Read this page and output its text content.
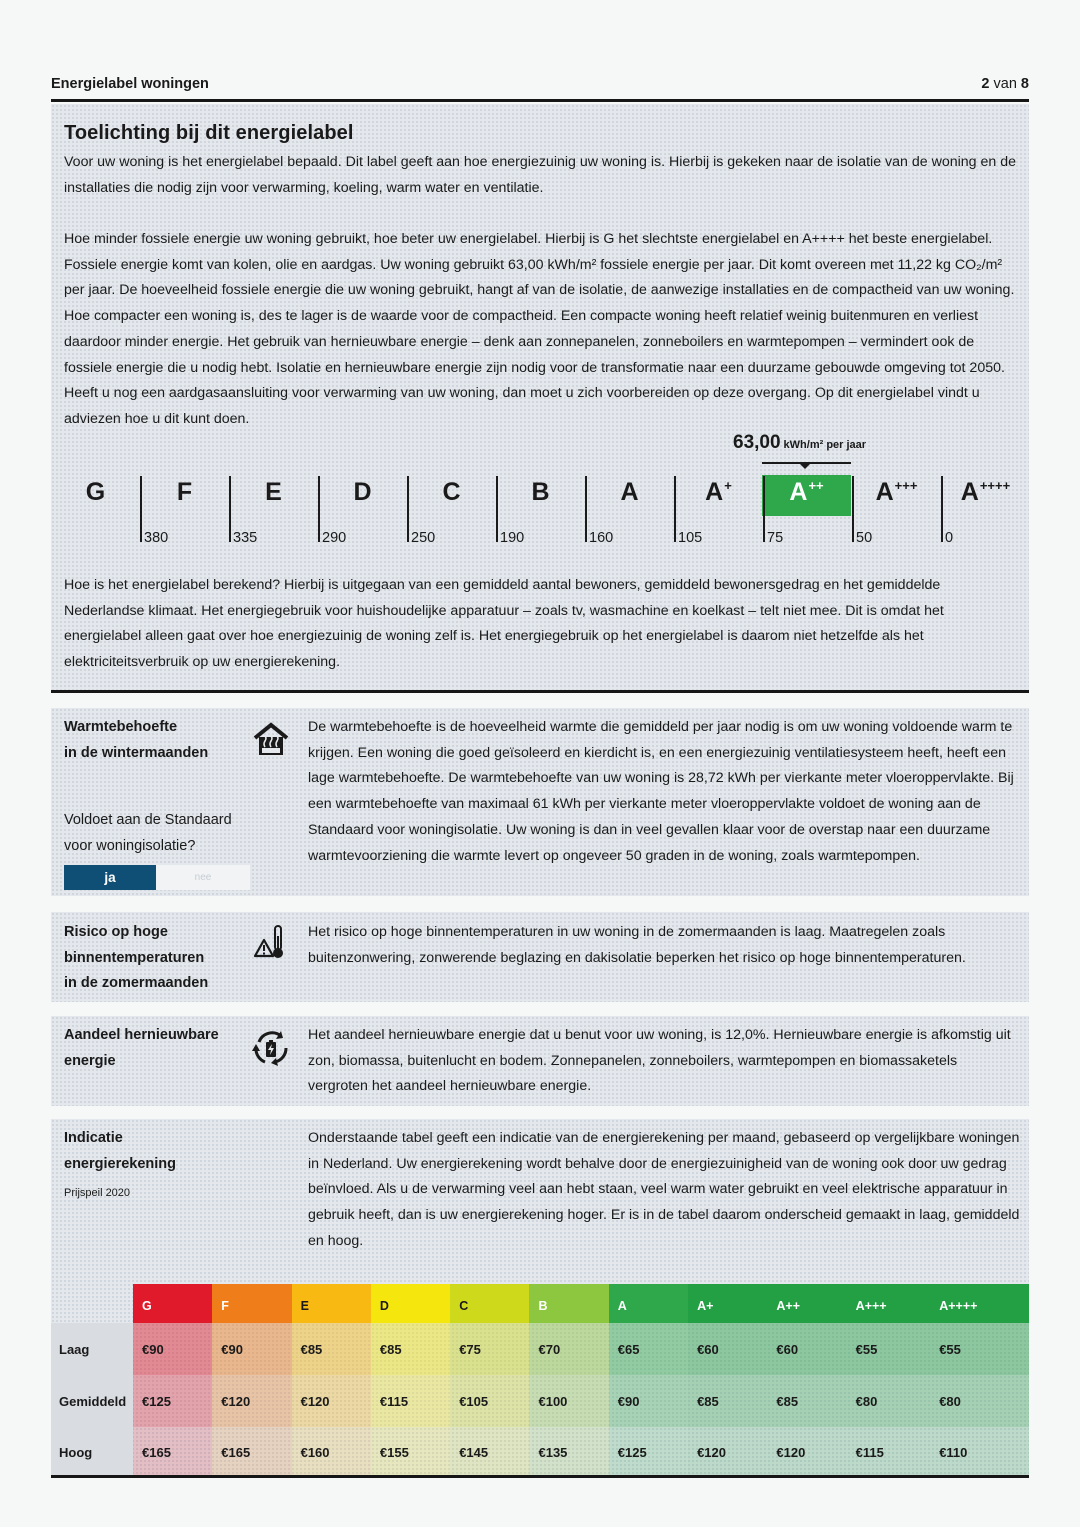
Energielabel woningen	2 van 8
Toelichting bij dit energielabel

Voor uw woning is het energielabel bepaald. Dit label geeft aan hoe energiezuinig uw woning is. Hierbij is gekeken naar de isolatie van de woning en de installaties die nodig zijn voor verwarming, koeling, warm water en ventilatie.

Hoe minder fossiele energie uw woning gebruikt, hoe beter uw energielabel. Hierbij is G het slechtste energielabel en A++++ het beste energielabel. Fossiele energie komt van kolen, olie en aardgas. Uw woning gebruikt 63,00 kWh/m² fossiele energie per jaar. Dit komt overeen met 11,22 kg CO₂/m² per jaar. De hoeveelheid fossiele energie die uw woning gebruikt, hangt af van de isolatie, de aanwezige installaties en de compactheid van uw woning. Hoe compacter een woning is, des te lager is de waarde voor de compactheid. Een compacte woning heeft relatief weinig buitenmuren en verliest daardoor minder energie. Het gebruik van hernieuwbare energie – denk aan zonnepanelen, zonneboilers en warmtepompen – vermindert ook de fossiele energie die u nodig hebt. Isolatie en hernieuwbare energie zijn nodig voor de transformatie naar een duurzame gebouwde omgeving tot 2050. Heeft u nog een aardgasaansluiting voor verwarming van uw woning, dan moet u zich voorbereiden op deze overgang. Op dit energielabel vindt u adviezen hoe u dit kunt doen.

Hoe is het energielabel berekend? Hierbij is uitgegaan van een gemiddeld aantal bewoners, gemiddeld bewonersgedrag en het gemiddelde Nederlandse klimaat. Het energiegebruik voor huishoudelijke apparatuur – zoals tv, wasmachine en koelkast – telt niet mee. Dit is omdat het energielabel alleen gaat over hoe energiezuinig de woning zelf is. Het energiegebruik op het energielabel is daarom niet hetzelfde als het elektriciteitsverbruik op uw energierekening.

63,00 kWh/m² per jaar
A++
G	F	E	D	C	B	A	A+	A+++	A++++
380	335	290	250	190	160	105	75	50	0
Warmtebehoefte
in de wintermaanden
Voldoet aan de Standaard
voor woningisolatie?
ja	nee

De warmtebehoefte is de hoeveelheid warmte die gemiddeld per jaar nodig is om uw woning voldoende warm te krijgen. Een woning die goed geïsoleerd en kierdicht is, en een energiezuinig ventilatiesysteem heeft, heeft een lage warmtebehoefte. De warmtebehoefte van uw woning is 28,72 kWh per vierkante meter vloeroppervlakte. Bij een warmtebehoefte van maximaal 61 kWh per vierkante meter vloeroppervlakte voldoet de woning aan de Standaard voor woningisolatie. Uw woning is dan in veel gevallen klaar voor de overstap naar een duurzame warmtevoorziening die warmte levert op ongeveer 50 graden in de woning, zoals warmtepompen.

Risico op hoge
binnentemperaturen
in de zomermaanden

Het risico op hoge binnentemperaturen in uw woning in de zomermaanden is laag. Maatregelen zoals buitenzonwering, zonwerende beglazing en dakisolatie beperken het risico op hoge binnentemperaturen.

Aandeel hernieuwbare
energie

Het aandeel hernieuwbare energie dat u benut voor uw woning, is 12,0%. Hernieuwbare energie is afkomstig uit zon, biomassa, buitenlucht en bodem. Zonnepanelen, zonneboilers, warmtepompen en biomassaketels vergroten het aandeel hernieuwbare energie.

Indicatie
energierekening
Prijspeil 2020

Onderstaande tabel geeft een indicatie van de energierekening per maand, gebaseerd op vergelijkbare woningen in Nederland. Uw energierekening wordt behalve door de energiezuinigheid van de woning ook door uw gedrag beïnvloed. Als u de verwarming veel aan hebt staan, veel warm water gebruikt en veel elektrische apparatuur in gebruik heeft, dan is uw energierekening hoger. Er is in de tabel daarom onderscheid gemaakt in laag, gemiddeld en hoog.

	G	F	E	D	C	B	A	A+	A++	A+++	A++++
Laag	€90	€90	€85	€85	€75	€70	€65	€60	€60	€55	€55
Gemiddeld	€125	€120	€120	€115	€105	€100	€90	€85	€85	€80	€80
Hoog	€165	€165	€160	€155	€145	€135	€125	€120	€120	€115	€110
